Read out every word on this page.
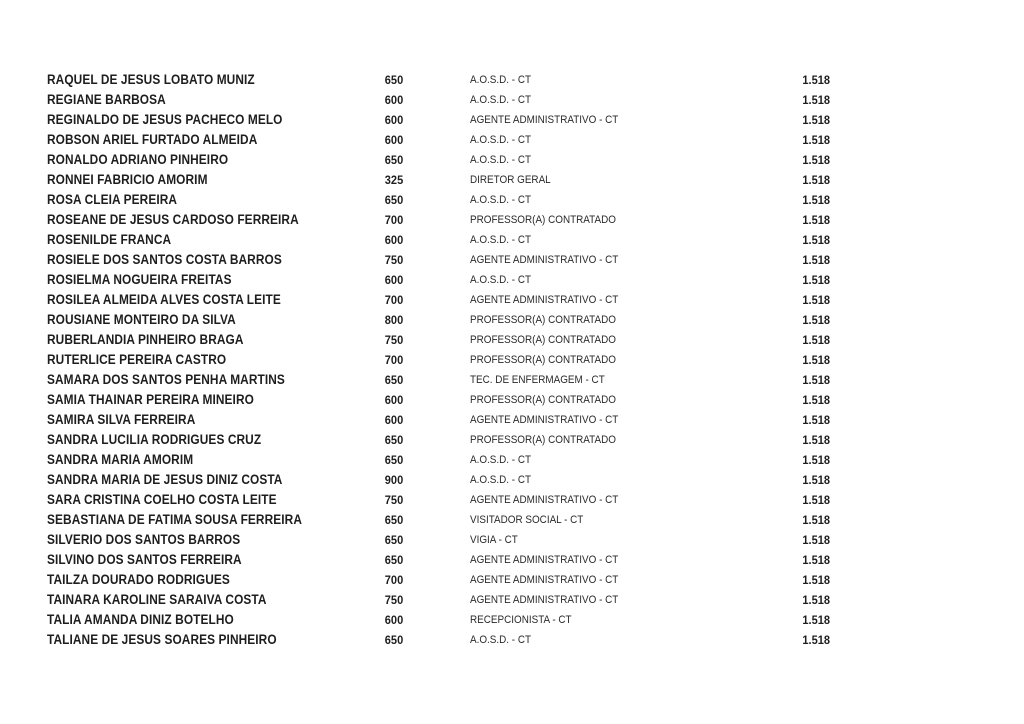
RAQUEL DE JESUS LOBATO MUNIZ	650	A.O.S.D. - CT	1.518
REGIANE BARBOSA	600	A.O.S.D. - CT	1.518
REGINALDO DE JESUS PACHECO MELO	600	AGENTE ADMINISTRATIVO - CT	1.518
ROBSON ARIEL FURTADO ALMEIDA	600	A.O.S.D. - CT	1.518
RONALDO ADRIANO PINHEIRO	650	A.O.S.D. - CT	1.518
RONNEI FABRICIO AMORIM	325	DIRETOR GERAL	1.518
ROSA CLEIA PEREIRA	650	A.O.S.D. - CT	1.518
ROSEANE DE JESUS CARDOSO FERREIRA	700	PROFESSOR(A) CONTRATADO	1.518
ROSENILDE FRANCA	600	A.O.S.D. - CT	1.518
ROSIELE DOS SANTOS COSTA BARROS	750	AGENTE ADMINISTRATIVO - CT	1.518
ROSIELMA NOGUEIRA FREITAS	600	A.O.S.D. - CT	1.518
ROSILEA ALMEIDA ALVES COSTA LEITE	700	AGENTE ADMINISTRATIVO - CT	1.518
ROUSIANE MONTEIRO DA SILVA	800	PROFESSOR(A) CONTRATADO	1.518
RUBERLANDIA PINHEIRO BRAGA	750	PROFESSOR(A) CONTRATADO	1.518
RUTERLICE PEREIRA CASTRO	700	PROFESSOR(A) CONTRATADO	1.518
SAMARA DOS SANTOS PENHA MARTINS	650	TEC. DE ENFERMAGEM - CT	1.518
SAMIA THAINAR PEREIRA MINEIRO	600	PROFESSOR(A) CONTRATADO	1.518
SAMIRA SILVA FERREIRA	600	AGENTE ADMINISTRATIVO - CT	1.518
SANDRA LUCILIA RODRIGUES CRUZ	650	PROFESSOR(A) CONTRATADO	1.518
SANDRA MARIA AMORIM	650	A.O.S.D. - CT	1.518
SANDRA MARIA DE JESUS DINIZ COSTA	900	A.O.S.D. - CT	1.518
SARA CRISTINA COELHO COSTA LEITE	750	AGENTE ADMINISTRATIVO - CT	1.518
SEBASTIANA DE FATIMA SOUSA FERREIRA	650	VISITADOR SOCIAL - CT	1.518
SILVERIO DOS SANTOS BARROS	650	VIGIA - CT	1.518
SILVINO DOS SANTOS FERREIRA	650	AGENTE ADMINISTRATIVO - CT	1.518
TAILZA DOURADO RODRIGUES	700	AGENTE ADMINISTRATIVO - CT	1.518
TAINARA KAROLINE SARAIVA COSTA	750	AGENTE ADMINISTRATIVO - CT	1.518
TALIA AMANDA DINIZ BOTELHO	600	RECEPCIONISTA - CT	1.518
TALIANE DE JESUS SOARES PINHEIRO	650	A.O.S.D. - CT	1.518
